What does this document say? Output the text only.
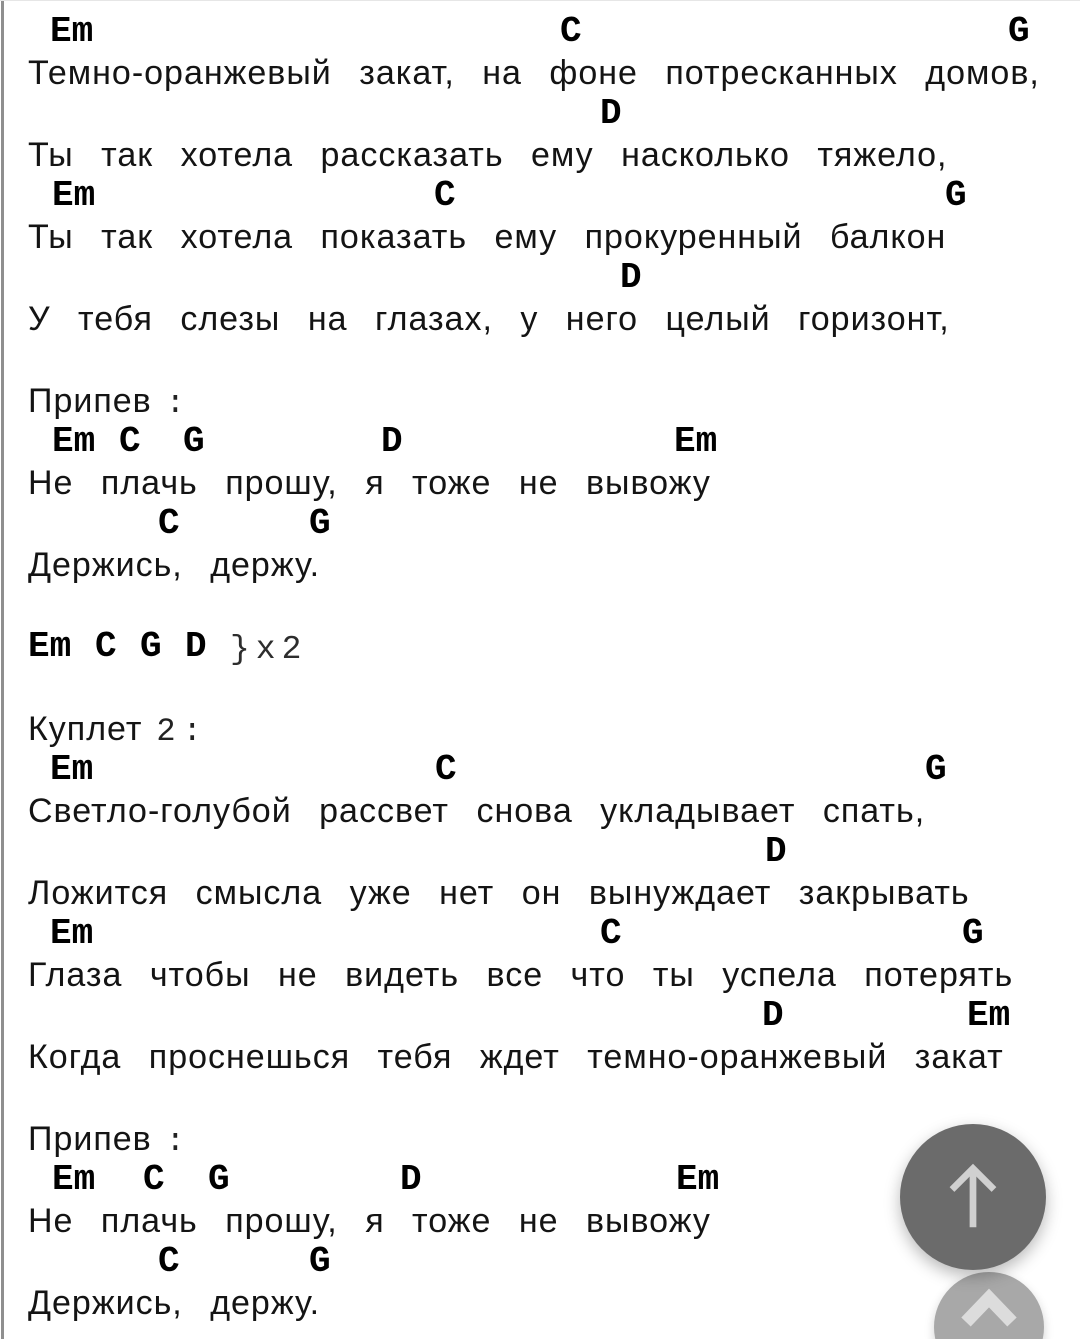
Em	C	G
Темно-оранжевый закат, на фоне потресканных домов,
D
Ты так хотела рассказать ему насколько тяжело,
Em	C	G
Ты так хотела показать ему прокуренный балкон
D
У тебя слезы на глазах, у него целый горизонт,
Припев :
Em C G	D	Em
Не плачь прошу, я тоже не вывожу
C	G
Держись, держу.
Em C G D }x2
Куплет 2:
Em	C	G
Светло-голубой рассвет снова укладывает спать,
D
Ложится смысла уже нет он вынуждает закрывать
Em	C	G
Глаза чтобы не видеть все что ты успела потерять
D	Em
Когда проснешься тебя ждет темно-оранжевый закат
Припев :
Em C G	D	Em
Не плачь прошу, я тоже не вывожу
C	G
Держись, держу.
